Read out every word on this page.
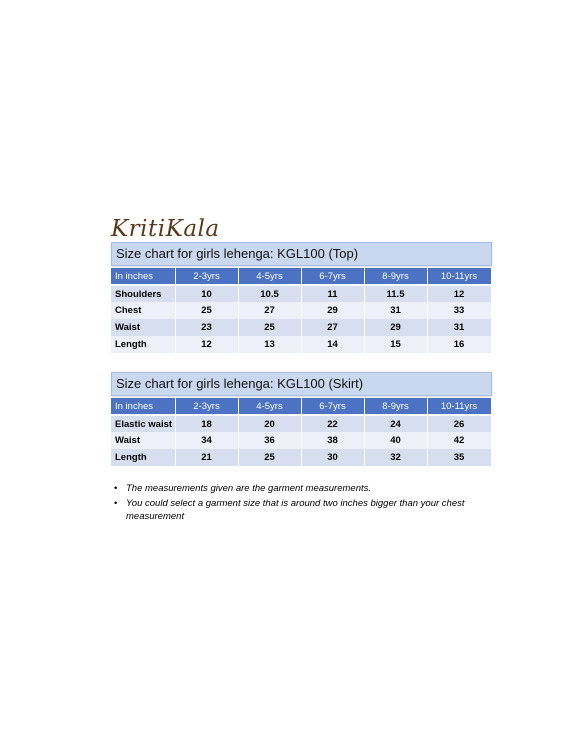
KritiKala
Size chart for girls lehenga: KGL100 (Top)
In inches	2-3yrs	4-5yrs	6-7yrs	8-9yrs	10-11yrs
Shoulders	10	10.5	11	11.5	12
Chest	25	27	29	31	33
Waist	23	25	27	29	31
Length	12	13	14	15	16
Size chart for girls lehenga: KGL100 (Skirt)
In inches	2-3yrs	4-5yrs	6-7yrs	8-9yrs	10-11yrs
Elastic waist	18	20	22	24	26
Waist	34	36	38	40	42
Length	21	25	30	32	35
• The measurements given are the garment measurements.
• You could select a garment size that is around two inches bigger than your chest measurement
